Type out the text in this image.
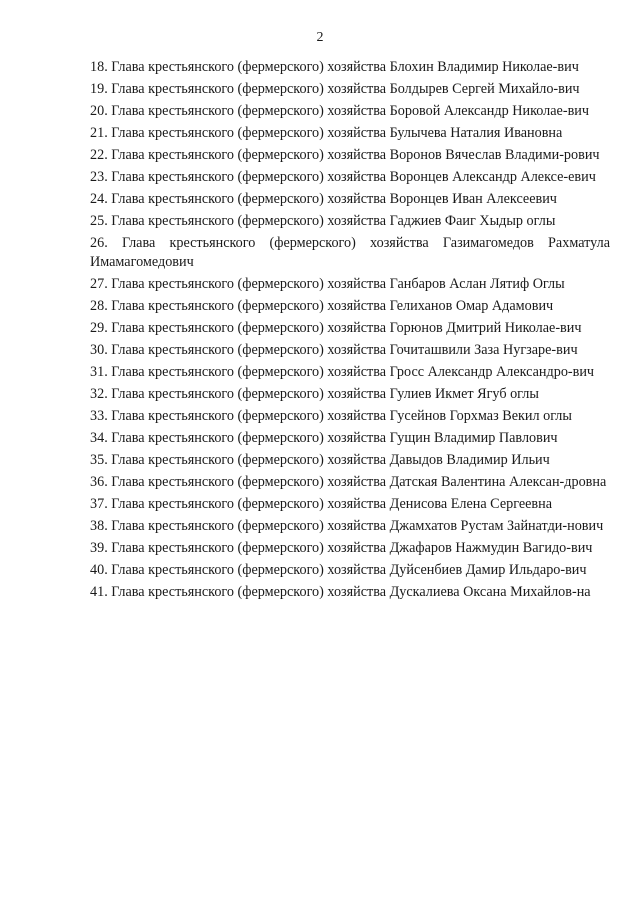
2
18. Глава крестьянского (фермерского) хозяйства Блохин Владимир Николае-вич
19. Глава крестьянского (фермерского) хозяйства Болдырев Сергей Михайло-вич
20. Глава крестьянского (фермерского) хозяйства Боровой Александр Николае-вич
21. Глава крестьянского (фермерского) хозяйства Булычева Наталия Ивановна
22. Глава крестьянского (фермерского) хозяйства Воронов Вячеслав Владими-рович
23. Глава крестьянского (фермерского) хозяйства Воронцев Александр Алексе-евич
24. Глава крестьянского (фермерского) хозяйства Воронцев Иван Алексеевич
25. Глава крестьянского (фермерского) хозяйства Гаджиев Фаиг Хыдыр оглы
26. Глава крестьянского (фермерского) хозяйства Газимагомедов Рахматула Имамагомедович
27. Глава крестьянского (фермерского) хозяйства Ганбаров Аслан Лятиф Оглы
28. Глава крестьянского (фермерского) хозяйства Гелиханов Омар Адамович
29. Глава крестьянского (фермерского) хозяйства Горюнов Дмитрий Николае-вич
30. Глава крестьянского (фермерского) хозяйства Гочиташвили Заза Нугзаре-вич
31. Глава крестьянского (фермерского) хозяйства Гросс Александр Александро-вич
32. Глава крестьянского (фермерского) хозяйства Гулиев Икмет Ягуб оглы
33. Глава крестьянского (фермерского) хозяйства Гусейнов Горхмаз Векил оглы
34. Глава крестьянского (фермерского) хозяйства Гущин Владимир Павлович
35. Глава крестьянского (фермерского) хозяйства Давыдов Владимир Ильич
36. Глава крестьянского (фермерского) хозяйства Датская Валентина Алексан-дровна
37. Глава крестьянского (фермерского) хозяйства Денисова Елена Сергеевна
38. Глава крестьянского (фермерского) хозяйства Джамхатов Рустам Зайнатди-нович
39. Глава крестьянского (фермерского) хозяйства Джафаров Нажмудин Вагидо-вич
40. Глава крестьянского (фермерского) хозяйства Дуйсенбиев Дамир Ильдаро-вич
41. Глава крестьянского (фермерского) хозяйства Дускалиева Оксана Михайлов-на
